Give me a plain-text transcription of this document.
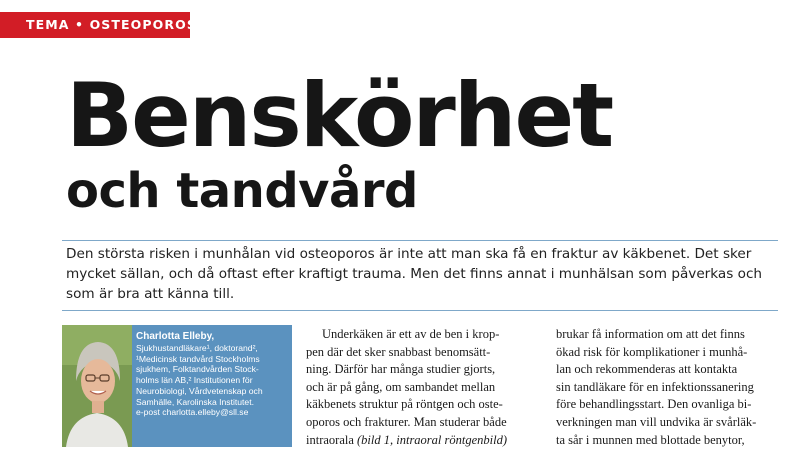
TEMA • OSTEOPOROS
Benskörhet
och tandvård

Den största risken i munhålan vid osteoporos är inte att man ska få en fraktur av käkbenet. Det sker mycket sällan, och då oftast efter kraftigt trauma. Men det finns annat i munhälsan som påverkas och som är bra att känna till.

Charlotta Elleby,
Sjukhustandläkare¹, doktorand²,
¹Medicinsk tandvård Stockholms
sjukhem, Folktandvården Stock-
holms län AB,² Institutionen för
Neurobiologi, Vårdvetenskap och
Samhälle, Karolinska Institutet.
e-post charlotta.elleby@sll.se
Underkäken är ett av de ben i krop-
pen där det sker snabbast benomsätt-
ning. Därför har många studier gjorts,
och är på gång, om sambandet mellan
käkbenets struktur på röntgen och oste-
oporos och frakturer. Man studerar både
intraorala (bild 1, intraoral röntgenbild)
brukar få information om att det finns
ökad risk för komplikationer i munhå-
lan och rekommenderas att kontakta
sin tandläkare för en infektionssanering
före behandlingsstart. Den ovanliga bi-
verkningen man vill undvika är svårläk-
ta sår i munnen med blottade benytor,
